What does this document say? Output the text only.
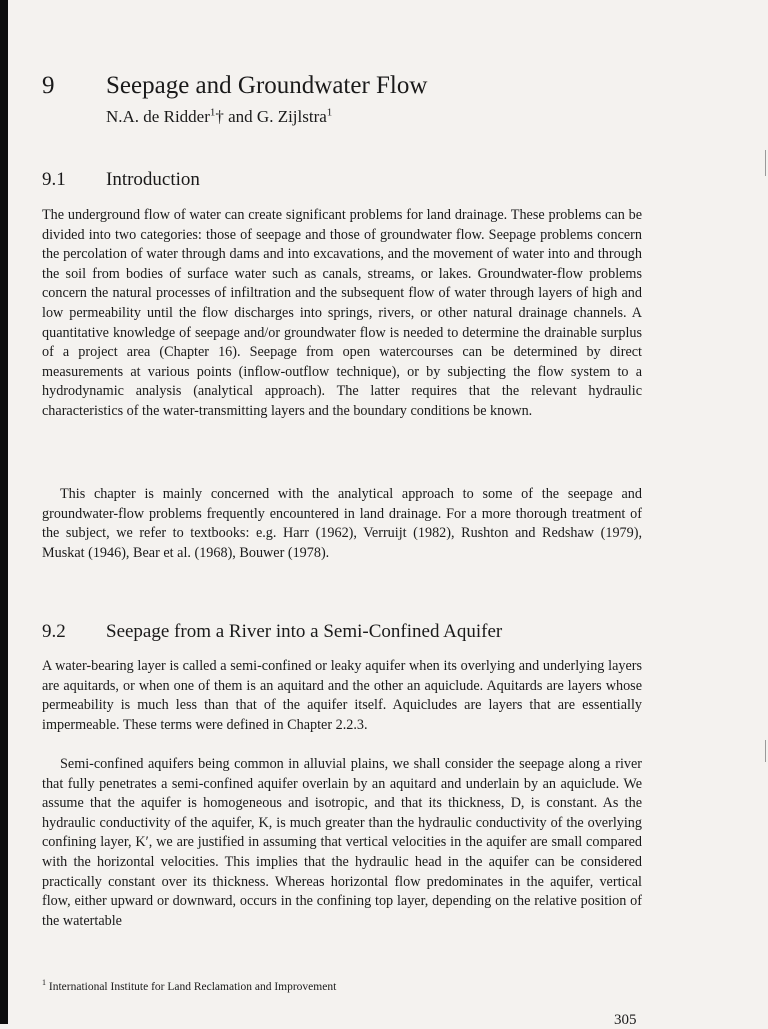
9 Seepage and Groundwater Flow
N.A. de Ridder$^1$† and G. Zijlstra$^1$
9.1 Introduction

The underground flow of water can create significant problems for land drainage. These problems can be divided into two categories: those of seepage and those of groundwater flow. Seepage problems concern the percolation of water through dams and into excavations, and the movement of water into and through the soil from bodies of surface water such as canals, streams, or lakes. Groundwater-flow problems concern the natural processes of infiltration and the subsequent flow of water through layers of high and low permeability until the flow discharges into springs, rivers, or other natural drainage channels. A quantitative knowledge of seepage and/or groundwater flow is needed to determine the drainable surplus of a project area (Chapter 16). Seepage from open watercourses can be determined by direct measurements at various points (inflow-outflow technique), or by subjecting the flow system to a hydrodynamic analysis (analytical approach). The latter requires that the relevant hydraulic characteristics of the water-transmitting layers and the boundary conditions be known.

This chapter is mainly concerned with the analytical approach to some of the seepage and groundwater-flow problems frequently encountered in land drainage. For a more thorough treatment of the subject, we refer to textbooks: e.g. Harr (1962), Verruijt (1982), Rushton and Redshaw (1979), Muskat (1946), Bear et al. (1968), Bouwer (1978).

9.2 Seepage from a River into a Semi-Confined Aquifer

A water-bearing layer is called a semi-confined or leaky aquifer when its overlying and underlying layers are aquitards, or when one of them is an aquitard and the other an aquiclude. Aquitards are layers whose permeability is much less than that of the aquifer itself. Aquicludes are layers that are essentially impermeable. These terms were defined in Chapter 2.2.3.

Semi-confined aquifers being common in alluvial plains, we shall consider the seepage along a river that fully penetrates a semi-confined aquifer overlain by an aquitard and underlain by an aquiclude. We assume that the aquifer is homogeneous and isotropic, and that its thickness, D, is constant. As the hydraulic conductivity of the aquifer, K, is much greater than the hydraulic conductivity of the overlying confining layer, K′, we are justified in assuming that vertical velocities in the aquifer are small compared with the horizontal velocities. This implies that the hydraulic head in the aquifer can be considered practically constant over its thickness. Whereas horizontal flow predominates in the aquifer, vertical flow, either upward or downward, occurs in the confining top layer, depending on the relative position of the watertable

$^1$ International Institute for Land Reclamation and Improvement
305
